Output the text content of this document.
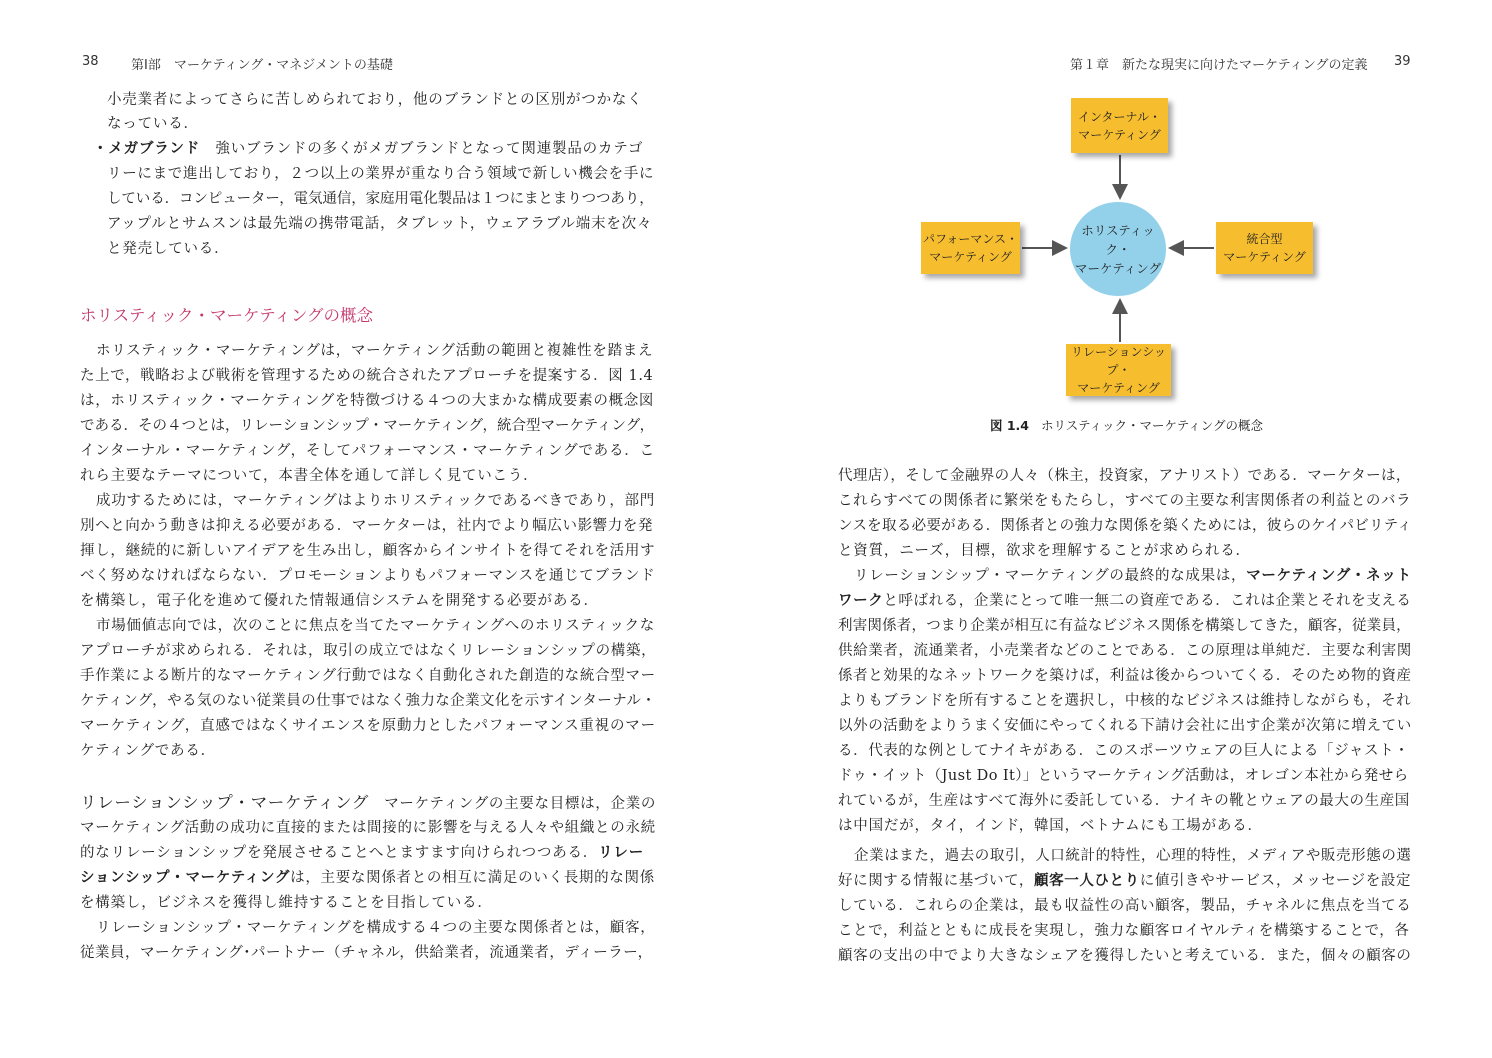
38 第Ⅰ部　マーケティング・マネジメントの基礎
小売業者によってさらに苦しめられており，他のブランドとの区別がつかなく
なっている．
・メガブランド　 強いブランドの多くがメガブランドとなって関連製品のカテゴ
リーにまで進出しており，２つ以上の業界が重なり合う領域で新しい機会を手に
している．コンピューター，電気通信，家庭用電化製品は１つにまとまりつつあり，
アップルとサムスンは最先端の携帯電話，タブレット，ウェアラブル端末を次々
と発売している．
ホリスティック・マーケティングの概念
ホリスティック・マーケティングは，マーケティング活動の範囲と複雑性を踏まえ
た上で，戦略および戦術を管理するための統合されたアプローチを提案する．図 1.4
は，ホリスティック・マーケティングを特徴づける４つの大まかな構成要素の概念図
である．その４つとは，リレーションシップ・マーケティング，統合型マーケティング，
インターナル・マーケティング，そしてパフォーマンス・マーケティングである．こ
れら主要なテーマについて，本書全体を通して詳しく見ていこう．
成功するためには，マーケティングはよりホリスティックであるべきであり，部門
別へと向かう動きは抑える必要がある．マーケターは，社内でより幅広い影響力を発
揮し，継続的に新しいアイデアを生み出し，顧客からインサイトを得てそれを活用す
べく努めなければならない．プロモーションよりもパフォーマンスを通じてブランド
を構築し，電子化を進めて優れた情報通信システムを開発する必要がある．
市場価値志向では，次のことに焦点を当てたマーケティングへのホリスティックな
アプローチが求められる．それは，取引の成立ではなくリレーションシップの構築，
手作業による断片的なマーケティング行動ではなく自動化された創造的な統合型マー
ケティング，やる気のない従業員の仕事ではなく強力な企業文化を示すインターナル・
マーケティング，直感ではなくサイエンスを原動力としたパフォーマンス重視のマー
ケティングである．
リレーションシップ・マーケティング　 マーケティングの主要な目標は，企業の
マーケティング活動の成功に直接的または間接的に影響を与える人々や組織との永続
的なリレーションシップを発展させることへとますます向けられつつある．リレー
ションシップ・マーケティングは，主要な関係者との相互に満足のいく長期的な関係
を構築し，ビジネスを獲得し維持することを目指している．
リレーションシップ・マーケティングを構成する４つの主要な関係者とは，顧客，
従業員，マーケティング･パートナー（チャネル，供給業者，流通業者，ディーラー，
第１章　新たな現実に向けたマーケティングの定義 39
インターナル・
マーケティング
パフォーマンス・
マーケティング
統合型
マーケティング
リレーションシップ・
マーケティング
ホリスティック・
マーケティング
図 1.4 ホリスティック・マーケティングの概念
代理店），そして金融界の人々（株主，投資家，アナリスト）である．マーケターは，
これらすべての関係者に繁栄をもたらし，すべての主要な利害関係者の利益とのバラ
ンスを取る必要がある．関係者との強力な関係を築くためには，彼らのケイパビリティ
と資質，ニーズ，目標，欲求を理解することが求められる．
リレーションシップ・マーケティングの最終的な成果は，マーケティング・ネット
ワークと呼ばれる，企業にとって唯一無二の資産である．これは企業とそれを支える
利害関係者，つまり企業が相互に有益なビジネス関係を構築してきた，顧客，従業員，
供給業者，流通業者，小売業者などのことである．この原理は単純だ．主要な利害関
係者と効果的なネットワークを築けば，利益は後からついてくる．そのため物的資産
よりもブランドを所有することを選択し，中核的なビジネスは維持しながらも，それ
以外の活動をよりうまく安価にやってくれる下請け会社に出す企業が次第に増えてい
る．代表的な例としてナイキがある．このスポーツウェアの巨人による「ジャスト・
ドゥ・イット（Just Do It）」というマーケティング活動は，オレゴン本社から発せら
れているが，生産はすべて海外に委託している．ナイキの靴とウェアの最大の生産国
は中国だが，タイ，インド，韓国，ベトナムにも工場がある．
企業はまた，過去の取引，人口統計的特性，心理的特性，メディアや販売形態の選
好に関する情報に基づいて，顧客一人ひとりに値引きやサービス，メッセージを設定
している．これらの企業は，最も収益性の高い顧客，製品，チャネルに焦点を当てる
ことで，利益とともに成長を実現し，強力な顧客ロイヤルティを構築することで，各
顧客の支出の中でより大きなシェアを獲得したいと考えている．また，個々の顧客の
